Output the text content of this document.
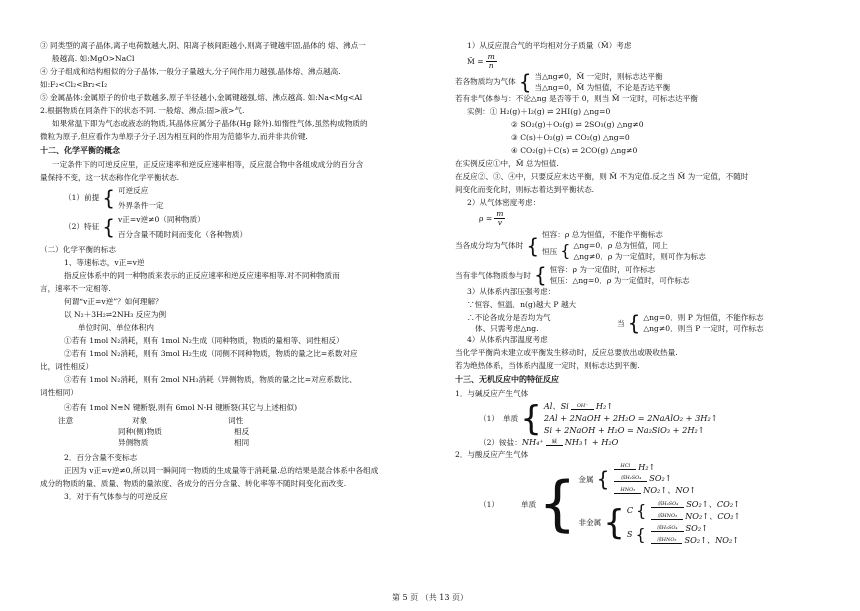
③ 同类型的离子晶体,离子电荷数越大,阴、阳离子核间距越小,则离子键越牢固,晶体的 熔、沸点一
般越高. 如:MgO>NaCl
④ 分子组成和结构相似的分子晶体,一般分子量越大,分子间作用力越强,晶体熔、沸点越高.
如:F₂<Cl₂<Br₂<I₂
⑤ 金属晶体:金属原子的价电子数越多,原子半径越小,金属键越强,熔、沸点越高. 如:Na<Mg<Al
2.根据物质在同条件下的状态不同. 一般熔、沸点:固>液>气.
如果常温下即为气态或液态的物质,其晶体应属分子晶体(Hg 除外).如惰性气体,虽然构成物质的
微粒为原子,但应看作为单原子分子.因为相互间的作用为范德华力,而并非共价键.
十二、化学平衡的概念
一定条件下的可逆反应里，正反应速率和逆反应速率相等，反应混合物中各组成成分的百分含
量保持不变，这一状态称作化学平衡状态.
（1）前提 { 可逆反应
外界条件一定
（2）特征 { v正=v逆≠0（同种物质）
百分含量不随时间而变化（各种物质）
（二）化学平衡的标志
1、等速标志，v正=v逆
指反应体系中的同一种物质来表示的正反应速率和逆反应速率相等.对不同种物质而
言，速率不一定相等.
何谓“v正=v逆”？如何理解？
以 N₂＋3H₂⇌2NH₃ 反应为例
单位时间、单位体积内
①若有 1mol N₂消耗，则有 1mol N₂生成（同种物质，物质的量相等、词性相反）
②若有 1mol N₂消耗，则有 3mol H₂生成（同侧不同种物质，物质的量之比=系数对应
比，词性相反）
③若有 1mol N₂消耗，则有 2mol NH₃消耗（异侧物质，物质的量之比=对应系数比、
词性相同）
④若有 1mol N≡N 键断裂,则有 6mol N-H 键断裂(其它与上述相似)
注意	对象	词性
同种(侧)物质	相反
异侧物质	相同
2．百分含量不变标志
正因为 v正=v逆≠0,所以同一瞬间同一物质的生成量等于消耗量.总的结果是混合体系中各组成
成分的物质的量、质量、物质的量浓度、各成分的百分含量、转化率等不随时间变化而改变.
3．对于有气体参与的可逆反应
1）从反应混合气的平均相对分子质量（M̄）考虑
M̄ = $\frac{m}{n}$
若各物质均为气体 { 当△ng≠0，M̄ 一定时，则标志达平衡
当△ng=0，M̄ 为恒值，不论是否达平衡
若有非气体参与：不论△ng 是否等于 0，则当 M̄ 一定时，可标志达平衡
实例：① H₂(g)＋I₂(g) ⇌ 2HI(g) △ng=0
② SO₂(g)＋O₂(g) ⇌ 2SO₃(g) △ng≠0
③ C(s)＋O₂(g) ⇌ CO₂(g) △ng=0
④ CO₂(g)＋C(s) ⇌ 2CO(g) △ng≠0
在实例反应①中，M̄ 总为恒值.
在反应②、③、④中，只要反应未达平衡，则 M̄ 不为定值.反之当 M̄ 为一定值，不随时
间变化而变化时，则标志着达到平衡状态.
2）从气体密度考虑：
$\rho = \frac{m}{v}$
当各成分均为气体时 { 恒容：ρ 总为恒值，不能作平衡标志
恒压 { △ng=0．ρ 总为恒值，同上
△ng≠0．ρ 为一定值时，则可作为标志
当有非气体物质参与时 { 恒容：ρ 为一定值时，可作标志
恒压：△ng=0．ρ 为一定值时，可作标志
3）从体系内部压强考虑：
∵恒容、恒温．n(g)越大 P 越大
∴不论各成分是否均为气
体、只需考虑△ng.
当 { △ng=0．则 P 为恒值，不能作标志
△ng≠0．则当 P 一定时，可作标志
4）从体系内部温度考虑
当化学平衡尚未建立或平衡发生移动时，反应总要放出或吸收热量.
若为绝热体系，当体系内温度一定时，则标志达到平衡.
十三、无机反应中的特征反应
1．与碱反应产生气体
（1） 单质 { Al、Si	OH⁻ H₂↑
2Al + 2NaOH + 2H₂O = 2NaAlO₂ + 3H₂↑
Si + 2NaOH + H₂O = Na₂SiO₃ + 2H₂↑
（2）铵盐： NH₄⁺	碱 NH₃↑ + H₂O
2．与酸反应产生气体
（1）	单质 { 金属 {
HCl H₂↑
浓H₂SO₄ SO₂↑
HNO₃ NO₂↑、NO↑
非金属 { C {	浓H₂SO₄ SO₂↑、CO₂↑
浓HNO₃ NO₂↑、CO₂↑
S {	浓H₂SO₄ SO₂↑
浓HNO₃ SO₂↑、NO₂↑
第 5 页 （共 13 页）
